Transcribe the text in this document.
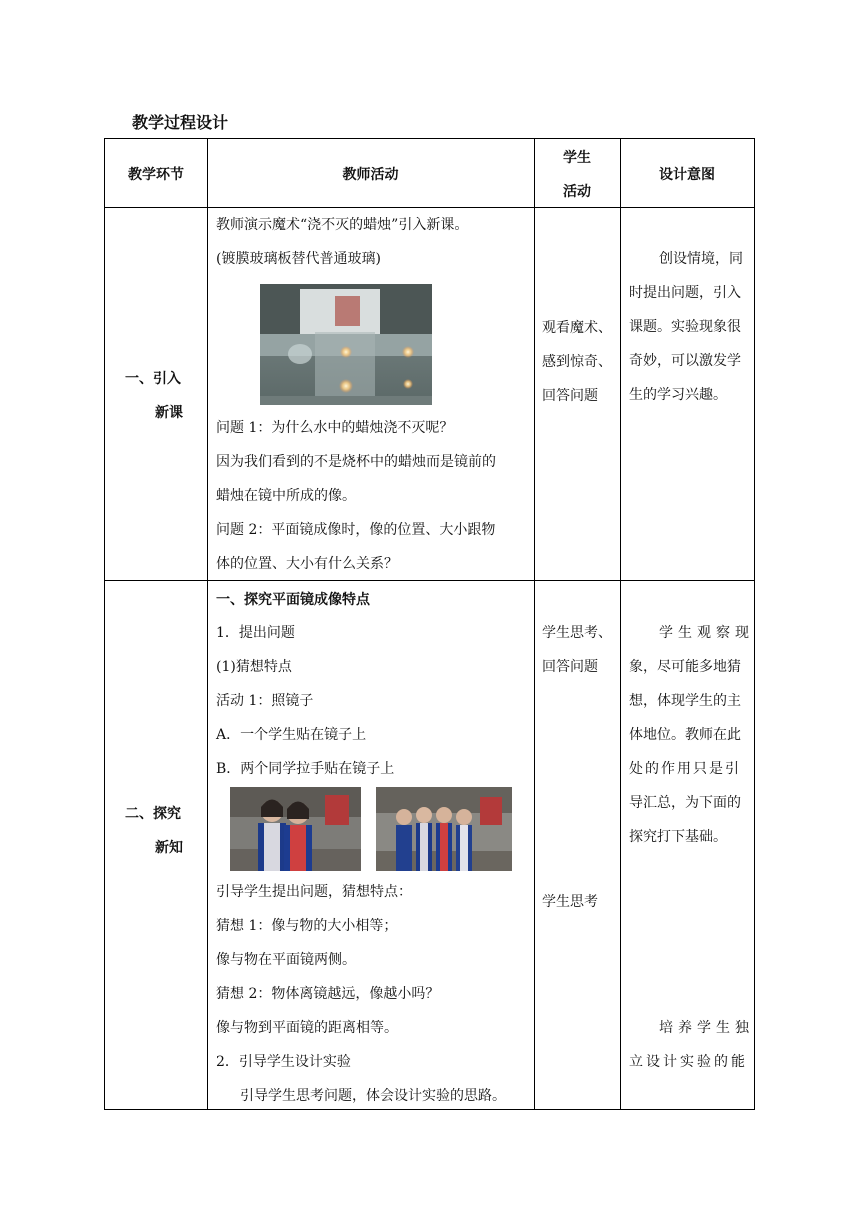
教学过程设计
教学环节	教师活动
学生
活动
设计意图
一、引入
新课
教师演示魔术“浇不灭的蜡烛”引入新课。
(镀膜玻璃板替代普通玻璃)
问题 1：为什么水中的蜡烛浇不灭呢？
因为我们看到的不是烧杯中的蜡烛而是镜前的
蜡烛在镜中所成的像。
问题 2：平面镜成像时，像的位置、大小跟物
体的位置、大小有什么关系？
观看魔术、
感到惊奇、
回答问题
创设情境，同
时提出问题，引入
课题。实验现象很
奇妙，可以激发学
生的学习兴趣。
二、探究
新知
一、探究平面镜成像特点
1．提出问题
(1)猜想特点
活动 1：照镜子
A．一个学生贴在镜子上
B．两个同学拉手贴在镜子上
引导学生提出问题，猜想特点：
猜想 1：像与物的大小相等；
像与物在平面镜两侧。
猜想 2：物体离镜越远，像越小吗？
像与物到平面镜的距离相等。
2．引导学生设计实验
引导学生思考问题，体会设计实验的思路。
学生思考、
回答问题
学生思考
学生观察现
象，尽可能多地猜
想，体现学生的主
体地位。教师在此
处的作用只是引
导汇总，为下面的
探究打下基础。
培养学生独
立设计实验的能
